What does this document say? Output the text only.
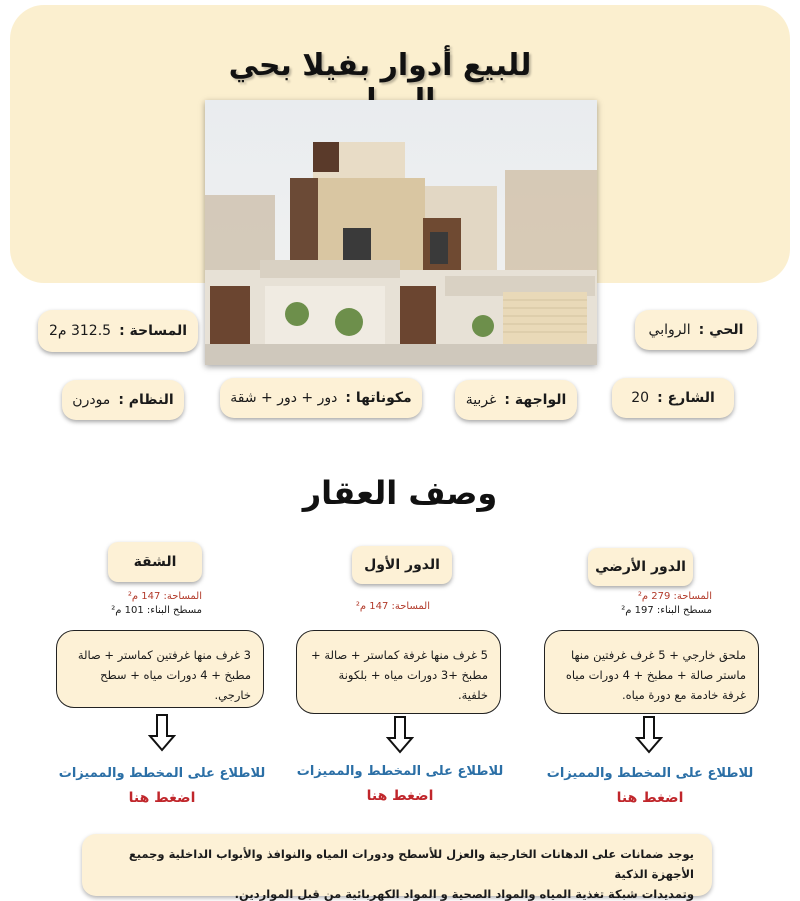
للبيع أدوار بفيلا بحي
المساحة :
312.5 م2	الحي :
الروابي
النظام :
مودرن	مكوناتها :
دور + دور + شقة	الواجهة :
غربية	الشارع :
20
وصف العقار
الدور الأرضي
المساحة: 279 م²
مسطح البناء: 197 م²
ملحق خارجي + 5 غرف غرفتين منها ماستر صالة + مطبخ + 4 دورات مياه غرفة خادمة مع دورة مياه.
للاطلاع على المخطط والمميزات
اضغط هنا
الدور الأول
المساحة: 147 م²
5 غرف منها غرفة كماستر + صالة + مطبخ +3 دورات مياه + بلكونة خلفية.
للاطلاع على المخطط والمميزات
اضغط هنا
الشقة
المساحة: 147 م²
مسطح البناء: 101 م²
3 غرف منها غرفتين كماستر + صالة مطبخ + 4 دورات مياه + سطح خارجي.
للاطلاع على المخطط والمميزات
اضغط هنا
يوجد ضمانات على الدهانات الخارجية والعزل للأسطح ودورات المياه والنوافذ والأبواب الداخلية وجميع الأجهزة الذكية
وتمديدات شبكة تغذية المياه والمواد الصحية و المواد الكهربائية من قبل المواردين.
